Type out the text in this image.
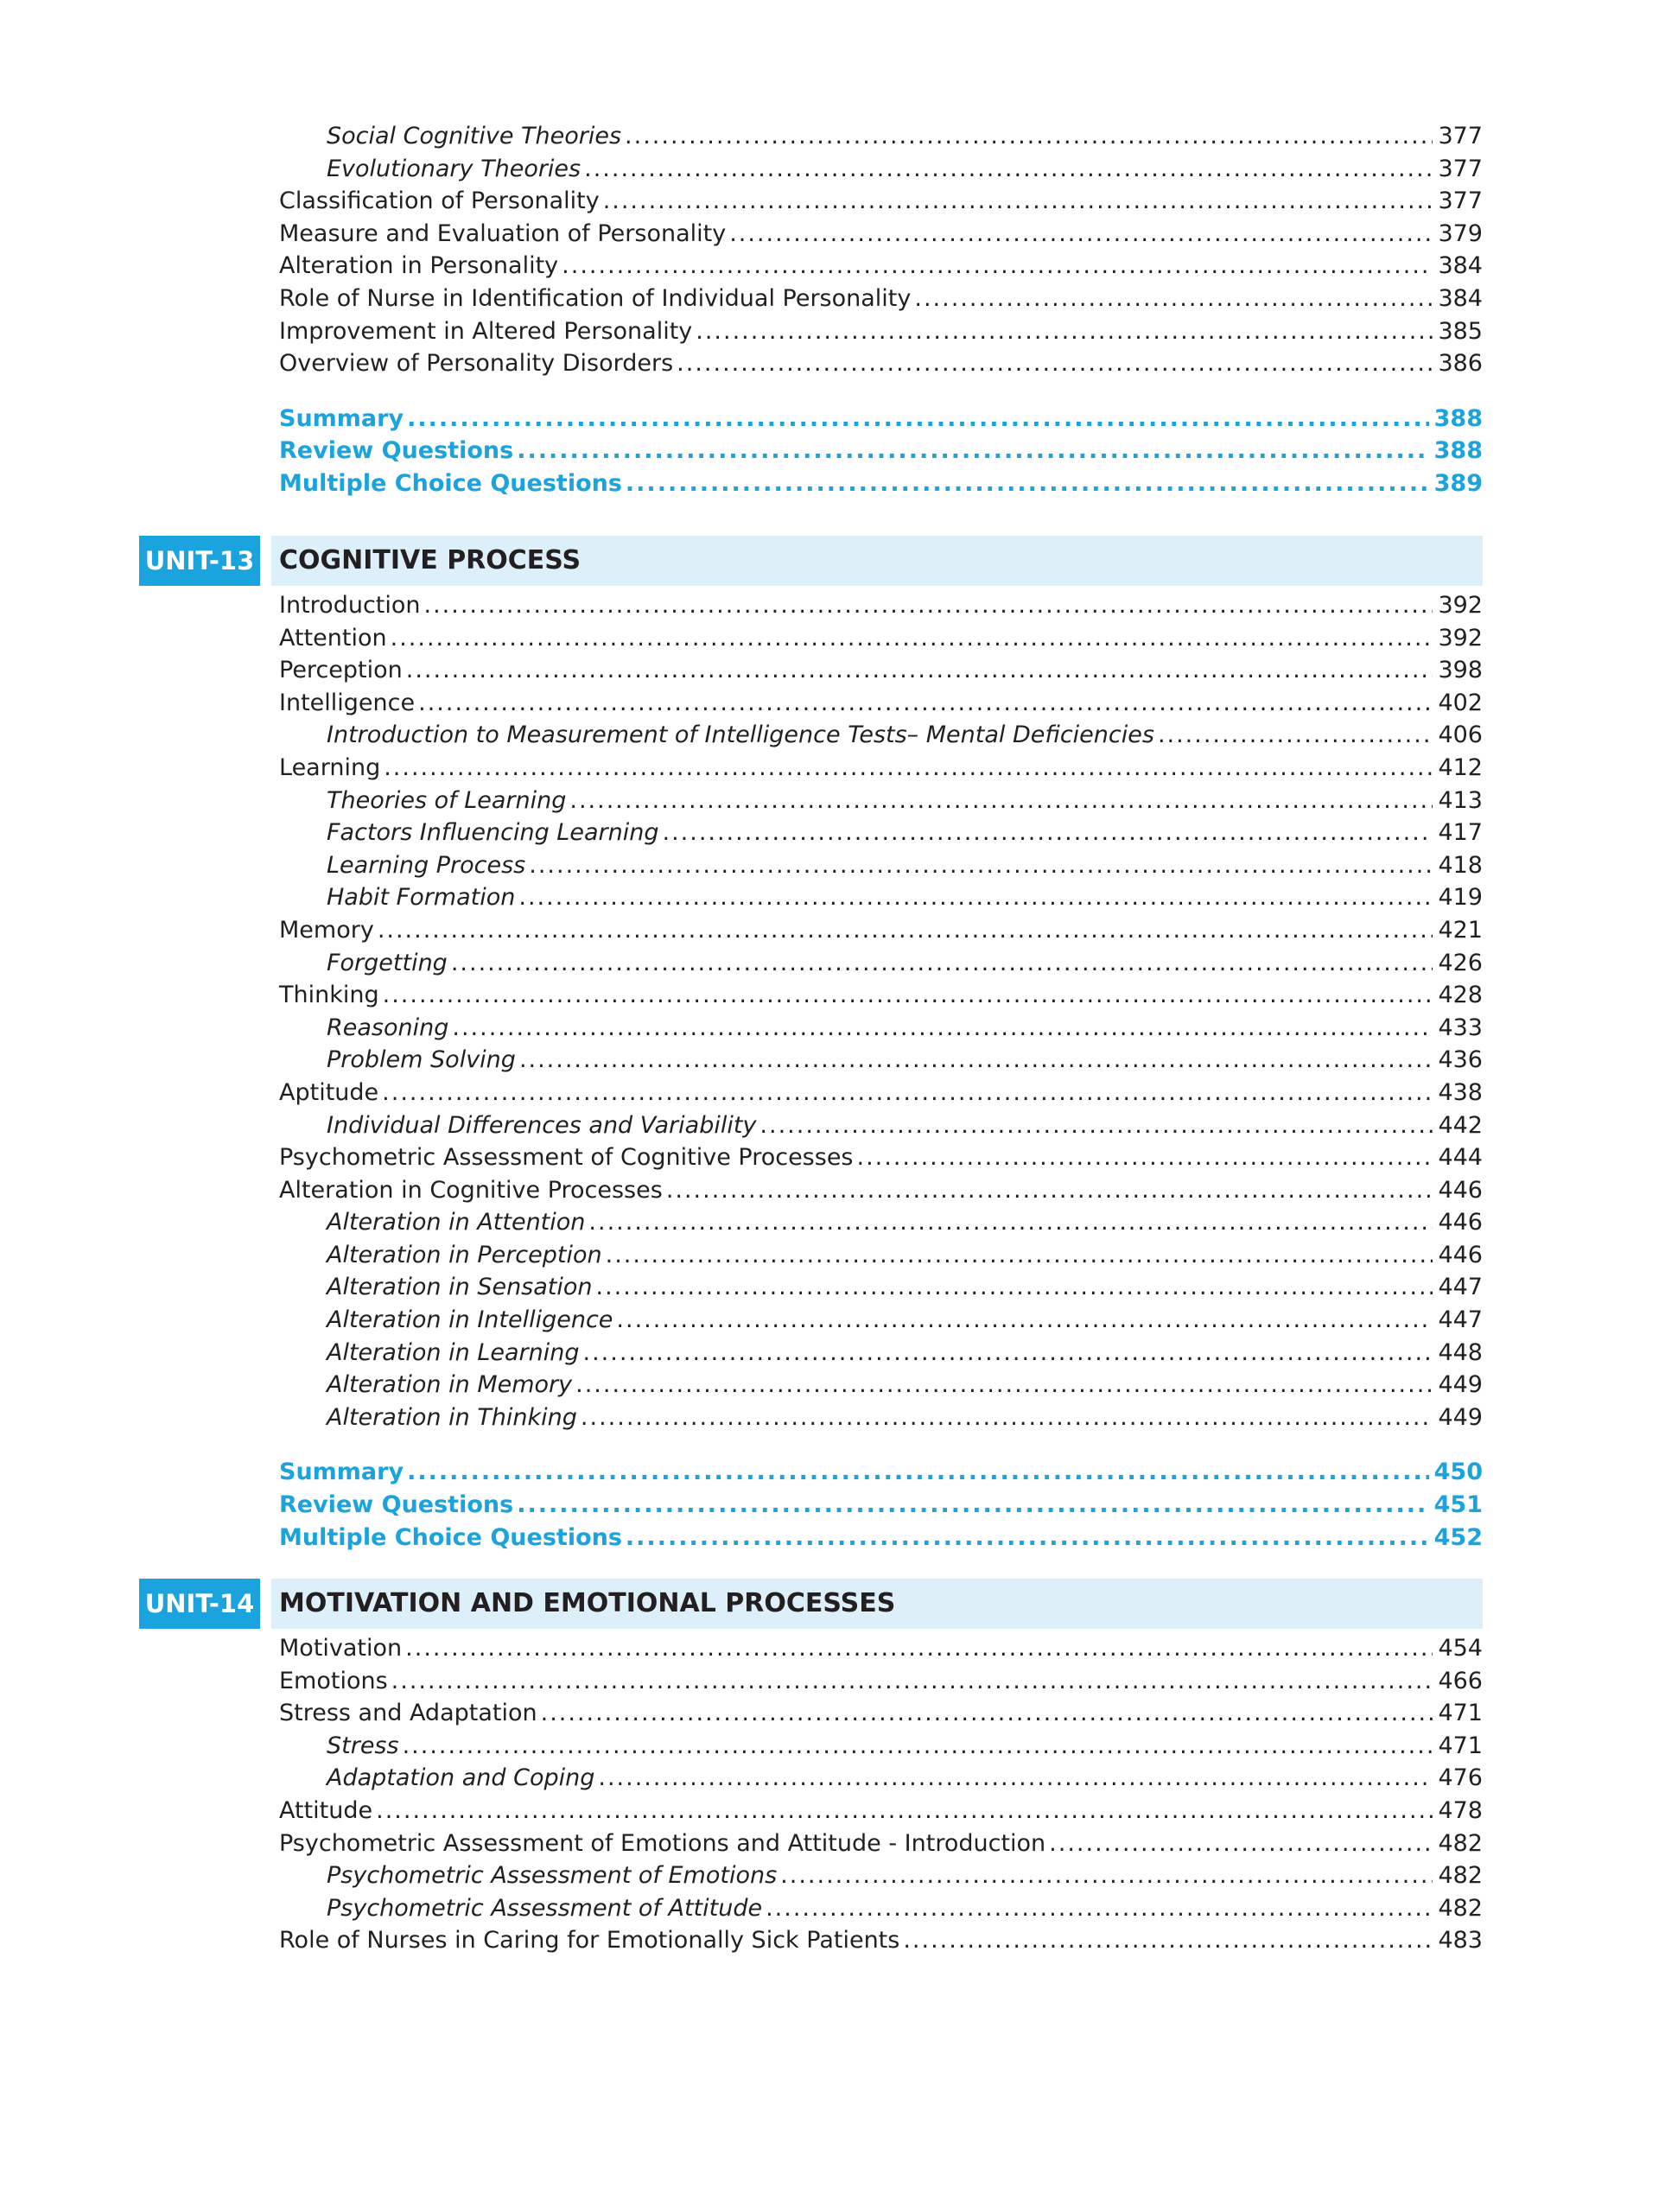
Social Cognitive Theories .....	377
Evolutionary Theories .....	377
Classification of Personality .....	377
Measure and Evaluation of Personality .....	379
Alteration in Personality .....	384
Role of Nurse in Identification of Individual Personality .....	384
Improvement in Altered Personality .....	385
Overview of Personality Disorders .....	386
Summary .....	388
Review Questions .....	388
Multiple Choice Questions .....	389
UNIT-13 COGNITIVE PROCESS
Introduction .....	392
Attention .....	392
Perception .....	398
Intelligence .....	402
Introduction to Measurement of Intelligence Tests– Mental Deficiencies .....	406
Learning .....	412
Theories of Learning .....	413
Factors Influencing Learning .....	417
Learning Process .....	418
Habit Formation .....	419
Memory .....	421
Forgetting .....	426
Thinking .....	428
Reasoning .....	433
Problem Solving .....	436
Aptitude .....	438
Individual Differences and Variability .....	442
Psychometric Assessment of Cognitive Processes .....	444
Alteration in Cognitive Processes .....	446
Alteration in Attention .....	446
Alteration in Perception .....	446
Alteration in Sensation .....	447
Alteration in Intelligence .....	447
Alteration in Learning .....	448
Alteration in Memory .....	449
Alteration in Thinking .....	449
Summary .....	450
Review Questions .....	451
Multiple Choice Questions .....	452
UNIT-14 MOTIVATION AND EMOTIONAL PROCESSES
Motivation .....	454
Emotions .....	466
Stress and Adaptation .....	471
Stress .....	471
Adaptation and Coping .....	476
Attitude .....	478
Psychometric Assessment of Emotions and Attitude - Introduction .....	482
Psychometric Assessment of Emotions .....	482
Psychometric Assessment of Attitude .....	482
Role of Nurses in Caring for Emotionally Sick Patients .....	483
